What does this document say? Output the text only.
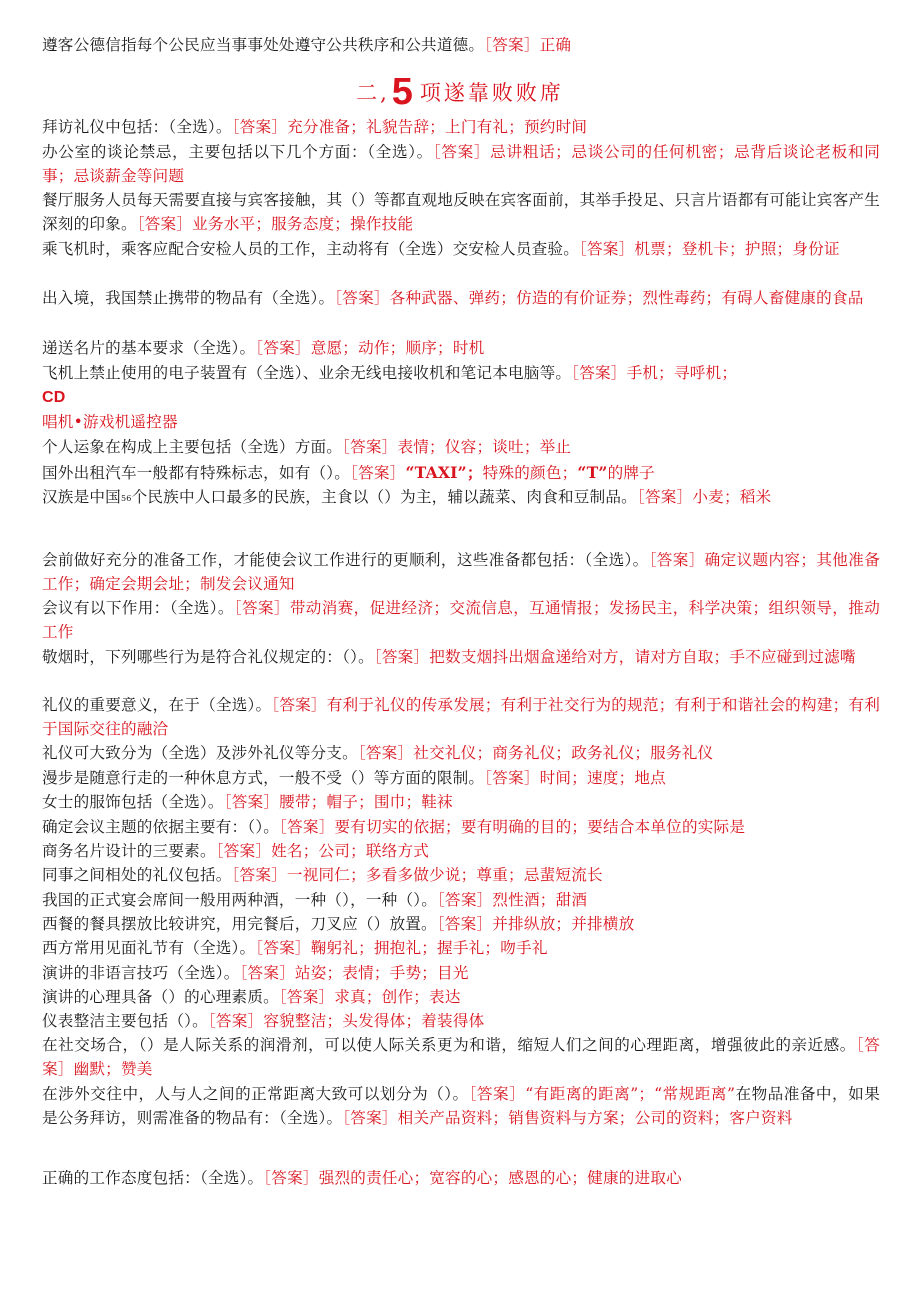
遵客公德信指每个公民应当事事处处遵守公共秩序和公共道德。［答案］正确

二,5 项遂靠败败席

拜访礼仪中包括：（全选）。［答案］充分准备；礼貌告辞；上门有礼；预约时间

办公室的谈论禁忌，主要包括以下几个方面：（全选）。［答案］忌讲粗话；忌谈公司的任何机密；忌背后谈论老板和同事；忌谈薪金等问题

餐厅服务人员每天需要直接与宾客接触，其（）等都直观地反映在宾客面前，其举手投足、只言片语都有可能让宾客产生深刻的印象。［答案］业务水平；服务态度；操作技能

乘飞机时，乘客应配合安检人员的工作，主动将有（全选）交安检人员查验。［答案］机票；登机卡；护照；身份证

出入境，我国禁止携带的物品有（全选）。［答案］各种武器、弹药；仿造的有价证券；烈性毒药；有碍人畜健康的食品

递送名片的基本要求（全选）。［答案］意愿；动作；顺序；时机

飞机上禁止使用的电子装置有（全选）、业余无线电接收机和笔记本电脑等。［答案］手机；寻呼机；

CD

唱机•游戏机遥控器

个人运象在构成上主要包括（全选）方面。［答案］表情；仪容；谈吐；举止

国外出租汽车一般都有特殊标志，如有（）。［答案］“TAXI”；特殊的颜色；“T”的牌子

汉族是中国56个民族中人口最多的民族，主食以（）为主，辅以蔬菜、肉食和豆制品。［答案］小麦；稻米

会前做好充分的准备工作，才能使会议工作进行的更顺利，这些准备都包括：（全选）。［答案］确定议题内容；其他准备工作；确定会期会址；制发会议通知

会议有以下作用：（全选）。［答案］带动消赛，促进经济；交流信息，互通情报；发扬民主，科学决策；组织领导，推动工作

敬烟时，下列哪些行为是符合礼仪规定的：（）。［答案］把数支烟抖出烟盒递给对方，请对方自取；手不应碰到过滤嘴

礼仪的重要意义，在于（全选）。［答案］有利于礼仪的传承发展；有利于社交行为的规范；有利于和谐社会的构建；有利于国际交往的融洽

礼仪可大致分为（全选）及涉外礼仪等分支。［答案］社交礼仪；商务礼仪；政务礼仪；服务礼仪

漫步是随意行走的一种休息方式，一般不受（）等方面的限制。［答案］时间；速度；地点

女士的服饰包括（全选）。［答案］腰带；帽子；围巾；鞋袜

确定会议主题的依据主要有：（）。［答案］要有切实的依据；要有明确的目的；要结合本单位的实际是

商务名片设计的三要素。［答案］姓名；公司；联络方式

同事之间相处的礼仪包括。［答案］一视同仁；多看多做少说；尊重；忌蜚短流长

我国的正式宴会席间一般用两种酒，一种（），一种（）。［答案］烈性酒；甜酒

西餐的餐具摆放比较讲究，用完餐后，刀叉应（）放置。［答案］并排纵放；并排横放

西方常用见面礼节有（全选）。［答案］鞠躬礼；拥抱礼；握手礼；吻手礼

演讲的非语言技巧（全选）。［答案］站姿；表情；手势；目光

演讲的心理具备（）的心理素质。［答案］求真；创作；表达

仪表整洁主要包括（）。［答案］容貌整洁；头发得体；着装得体

在社交场合，（）是人际关系的润滑剂，可以使人际关系更为和谐，缩短人们之间的心理距离，增强彼此的亲近感。［答案］幽默；赞美

在涉外交往中，人与人之间的正常距离大致可以划分为（）。［答案］“有距离的距离”；“常规距离”在物品准备中，如果是公务拜访，则需准备的物品有：（全选）。［答案］相关产品资料；销售资料与方案；公司的资料；客户资料

正确的工作态度包括：（全选）。［答案］强烈的责任心；宽容的心；感恩的心；健康的进取心
